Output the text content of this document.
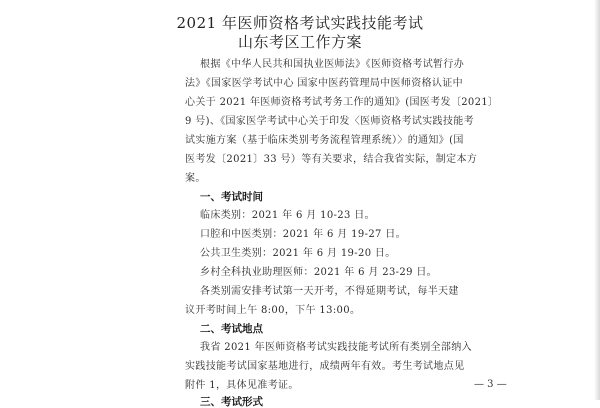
2021 年医师资格考试实践技能考试
山东考区工作方案
根据《中华人民共和国执业医师法》《医师资格考试暂行办
法》《国家医学考试中心 国家中医药管理局中医师资格认证中
心关于 2021 年医师资格考试考务工作的通知》(国医考发〔2021〕
9 号)、《国家医学考试中心关于印发〈医师资格考试实践技能考
试实施方案（基于临床类别考务流程管理系统）〉的通知》(国
医考发〔2021〕33 号）等有关要求，结合我省实际，制定本方
案。
一、考试时间
临床类别：2021 年 6 月 10-23 日。
口腔和中医类别：2021 年 6 月 19-27 日。
公共卫生类别：2021 年 6 月 19-20 日。
乡村全科执业助理医师：2021 年 6 月 23-29 日。
各类别需安排考试第一天开考，不得延期考试，每半天建
议开考时间上午 8:00，下午 13:00。
二、考试地点
我省 2021 年医师资格考试实践技能考试所有类别全部纳入
实践技能考试国家基地进行，成绩两年有效。考生考试地点见
附件 1，具体见准考证。
三、考试形式
— 3 —
